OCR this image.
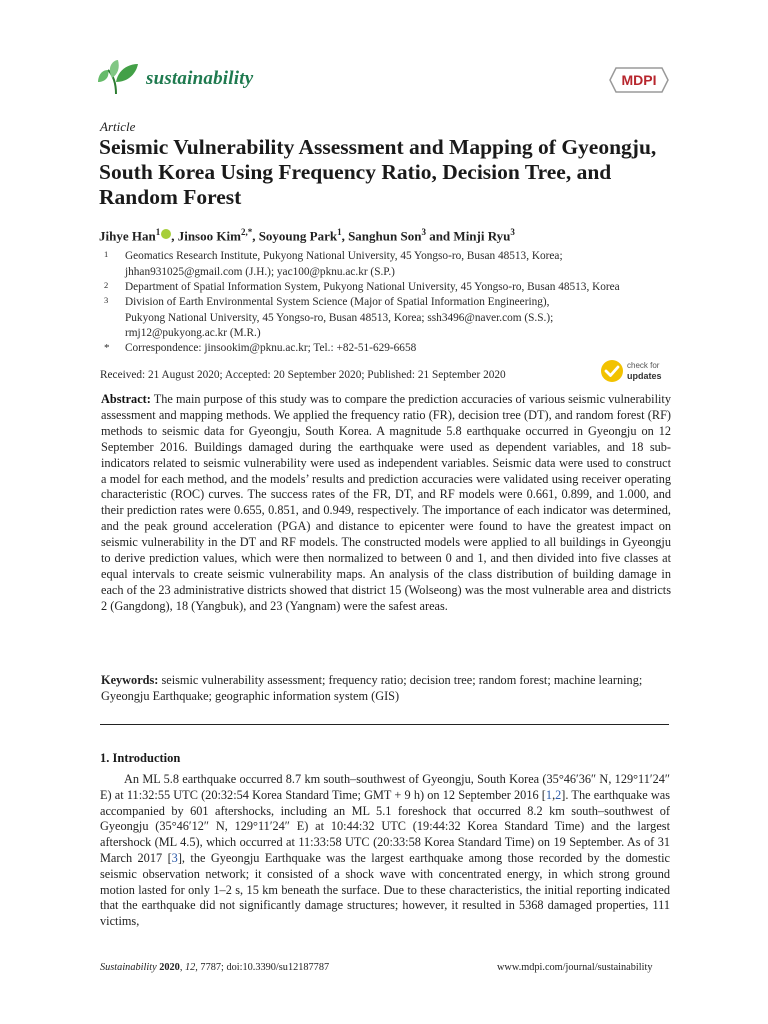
sustainability	MDPI
Article
Seismic Vulnerability Assessment and Mapping of Gyeongju, South Korea Using Frequency Ratio, Decision Tree, and Random Forest
Jihye Han$^1$ , Jinsoo Kim$^{2,*}$, Soyoung Park$^1$, Sanghun Son$^3$ and Minji Ryu$^3$
1 Geomatics Research Institute, Pukyong National University, 45 Yongso-ro, Busan 48513, Korea;
jhhan931025@gmail.com (J.H.); yac100@pknu.ac.kr (S.P.)
2 Department of Spatial Information System, Pukyong National University, 45 Yongso-ro, Busan 48513, Korea
3 Division of Earth Environmental System Science (Major of Spatial Information Engineering),
Pukyong National University, 45 Yongso-ro, Busan 48513, Korea; ssh3496@naver.com (S.S.);
rmj12@pukyong.ac.kr (M.R.)
* Correspondence: jinsookim@pknu.ac.kr; Tel.: +82-51-629-6658
Received: 21 August 2020; Accepted: 20 September 2020; Published: 21 September 2020
check for
updates
Abstract: The main purpose of this study was to compare the prediction accuracies of various seismic vulnerability assessment and mapping methods. We applied the frequency ratio (FR), decision tree (DT), and random forest (RF) methods to seismic data for Gyeongju, South Korea. A magnitude 5.8 earthquake occurred in Gyeongju on 12 September 2016. Buildings damaged during the earthquake were used as dependent variables, and 18 sub-indicators related to seismic vulnerability were used as independent variables. Seismic data were used to construct a model for each method, and the models’ results and prediction accuracies were validated using receiver operating characteristic (ROC) curves. The success rates of the FR, DT, and RF models were 0.661, 0.899, and 1.000, and their prediction rates were 0.655, 0.851, and 0.949, respectively. The importance of each indicator was determined, and the peak ground acceleration (PGA) and distance to epicenter were found to have the greatest impact on seismic vulnerability in the DT and RF models. The constructed models were applied to all buildings in Gyeongju to derive prediction values, which were then normalized to between 0 and 1, and then divided into five classes at equal intervals to create seismic vulnerability maps. An analysis of the class distribution of building damage in each of the 23 administrative districts showed that district 15 (Wolseong) was the most vulnerable area and districts 2 (Gangdong), 18 (Yangbuk), and 23 (Yangnam) were the safest areas.
Keywords: seismic vulnerability assessment; frequency ratio; decision tree; random forest; machine learning; Gyeongju Earthquake; geographic information system (GIS)
1. Introduction
An ML 5.8 earthquake occurred 8.7 km south–southwest of Gyeongju, South Korea (35°46′36″ N, 129°11′24″ E) at 11:32:55 UTC (20:32:54 Korea Standard Time; GMT + 9 h) on 12 September 2016 [1,2]. The earthquake was accompanied by 601 aftershocks, including an ML 5.1 foreshock that occurred 8.2 km south–southwest of Gyeongju (35°46′12″ N, 129°11′24″ E) at 10:44:32 UTC (19:44:32 Korea Standard Time) and the largest aftershock (ML 4.5), which occurred at 11:33:58 UTC (20:33:58 Korea Standard Time) on 19 September. As of 31 March 2017 [3], the Gyeongju Earthquake was the largest earthquake among those recorded by the domestic seismic observation network; it consisted of a shock wave with concentrated energy, in which strong ground motion lasted for only 1–2 s, 15 km beneath the surface. Due to these characteristics, the initial reporting indicated that the earthquake did not significantly damage structures; however, it resulted in 5368 damaged properties, 111 victims,
Sustainability 2020, 12, 7787; doi:10.3390/su12187787	www.mdpi.com/journal/sustainability
